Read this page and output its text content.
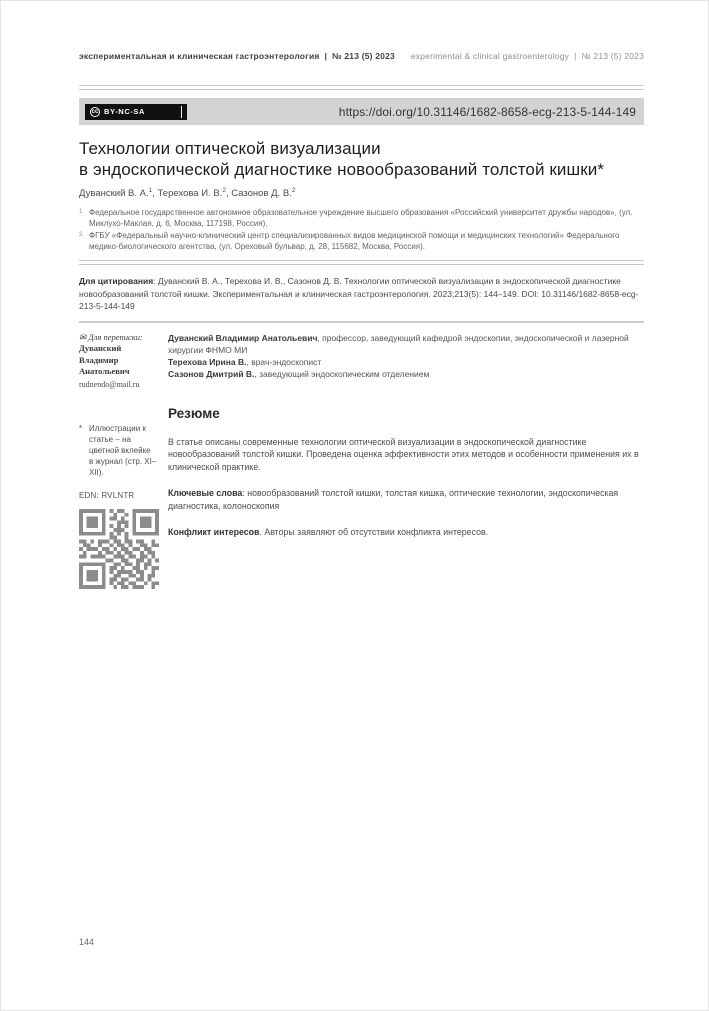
экспериментальная и клиническая гастроэнтерология | № 213 (5) 2023 experimental & clinical gastroenterology | № 213 (5) 2023
cc BY-NC-SA	https://doi.org/10.31146/1682-8658-ecg-213-5-144-149
Технологии оптической визуализации
в эндоскопической диагностике новообразований толстой кишки*
Дуванский В. А.$^1$, Терехова И. В.$^2$, Сазонов Д. В.$^2$
1 Федеральное государственное автономное образовательное учреждение высшего образования «Российский университет дружбы народов», (ул. Миклухо-Маклая, д. 6, Москва, 117198, Россия).
2 ФГБУ «Федеральный научно-клинический центр специализированных видов медицинской помощи и медицинских технологий» Федерального медико-биологического агентства, (ул. Ореховый бульвар, д. 28, 115682, Москва, Россия).

Для цитирования: Дуванский В. А., Терехова И. В., Сазонов Д. В. Технологии оптической визуализации в эндоскопической диагностике новообразований толстой кишки. Экспериментальная и клиническая гастроэнтерология. 2023;213(5): 144–149. DOI: 10.31146/1682-8658-ecg-213-5-144-149

✉ Для переписки:
Дуванский Владимир Анатольевич
rudnendo@mail.ru
* Иллюстрации к статье – на цветной вклейке в журнал (стр. XI–XII).
EDN: RVLNTR
Дуванский Владимир Анатольевич, профессор, заведующий кафедрой эндоскопии, эндоскопической и лазерной хирургии ФНМО МИ
Терехова Ирина В., врач-эндоскопист
Сазонов Дмитрий В., заведующий эндоскопическим отделением
Резюме

В статье описаны современные технологии оптической визуализации в эндоскопической диагностике новообразований толстой кишки. Проведена оценка эффективности этих методов и особенности применения их в клинической практике.

Ключевые слова: новообразований толстой кишки, толстая кишка, оптические технологии, эндоскопическая диагностика, колоноскопия

Конфликт интересов. Авторы заявляют об отсутствии конфликта интересов.

144
